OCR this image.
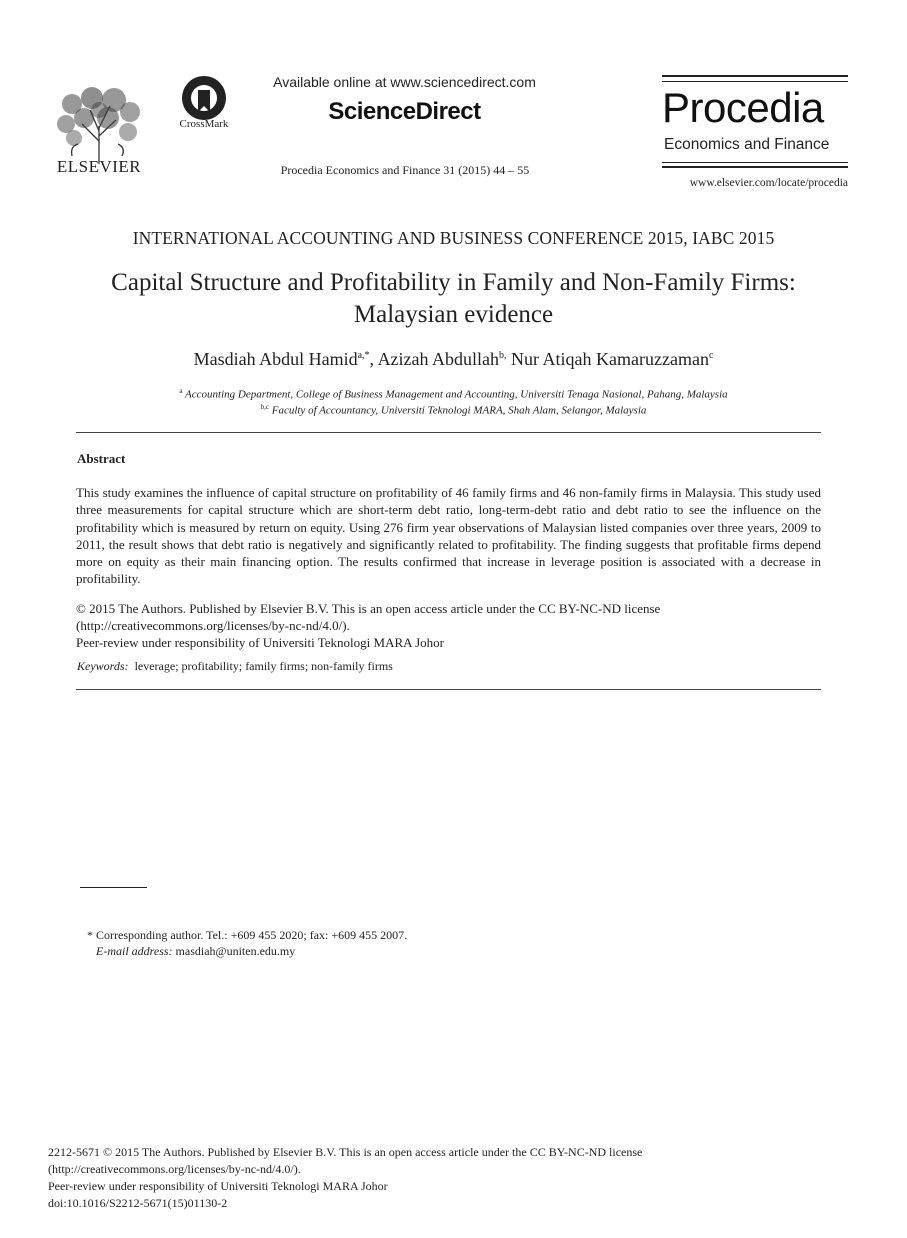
ELSEVIER
CrossMark
Available online at www.sciencedirect.com
ScienceDirect
Procedia Economics and Finance 31 (2015) 44 – 55
Procedia
Economics and Finance
www.elsevier.com/locate/procedia
INTERNATIONAL ACCOUNTING AND BUSINESS CONFERENCE 2015, IABC 2015
Capital Structure and Profitability in Family and Non-Family Firms:
Malaysian evidence
Masdiah Abdul Hamid$^{a,*}$, Azizah Abdullah$^{b,}$ Nur Atiqah Kamaruzzaman$^c$
$^a$ Accounting Department, College of Business Management and Accounting, Universiti Tenaga Nasional, Pahang, Malaysia
$^{b,c}$ Faculty of Accountancy, Universiti Teknologi MARA, Shah Alam, Selangor, Malaysia
Abstract
This study examines the influence of capital structure on profitability of 46 family firms and 46 non-family firms in Malaysia. This study used three measurements for capital structure which are short-term debt ratio, long-term-debt ratio and debt ratio to see the influence on the profitability which is measured by return on equity. Using 276 firm year observations of Malaysian listed companies over three years, 2009 to 2011, the result shows that debt ratio is negatively and significantly related to profitability. The finding suggests that profitable firms depend more on equity as their main financing option. The results confirmed that increase in leverage position is associated with a decrease in profitability.
© 2015 The Authors. Published by Elsevier B.V. This is an open access article under the CC BY-NC-ND license
(http://creativecommons.org/licenses/by-nc-nd/4.0/).
Peer-review under responsibility of Universiti Teknologi MARA Johor
Keywords: leverage; profitability; family firms; non-family firms
* Corresponding author. Tel.: +609 455 2020; fax: +609 455 2007.
E-mail address: masdiah@uniten.edu.my
2212-5671 © 2015 The Authors. Published by Elsevier B.V. This is an open access article under the CC BY-NC-ND license
(http://creativecommons.org/licenses/by-nc-nd/4.0/).
Peer-review under responsibility of Universiti Teknologi MARA Johor
doi:10.1016/S2212-5671(15)01130-2
